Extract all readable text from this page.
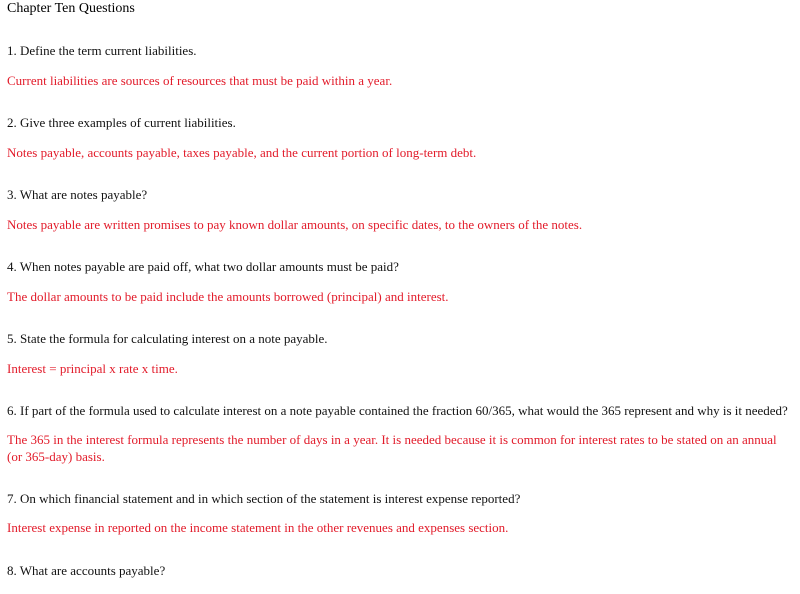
Chapter Ten Questions
1. Define the term current liabilities.
Current liabilities are sources of resources that must be paid within a year.
2. Give three examples of current liabilities.
Notes payable, accounts payable, taxes payable, and the current portion of long-term debt.
3. What are notes payable?
Notes payable are written promises to pay known dollar amounts, on specific dates, to the owners of the notes.
4. When notes payable are paid off, what two dollar amounts must be paid?
The dollar amounts to be paid include the amounts borrowed (principal) and interest.
5. State the formula for calculating interest on a note payable.
Interest = principal x rate x time.
6. If part of the formula used to calculate interest on a note payable contained the fraction 60/365, what would the 365 represent and why is it needed?
The 365 in the interest formula represents the number of days in a year. It is needed because it is common for interest rates to be stated on an annual (or 365-day) basis.
7. On which financial statement and in which section of the statement is interest expense reported?
Interest expense in reported on the income statement in the other revenues and expenses section.
8. What are accounts payable?
